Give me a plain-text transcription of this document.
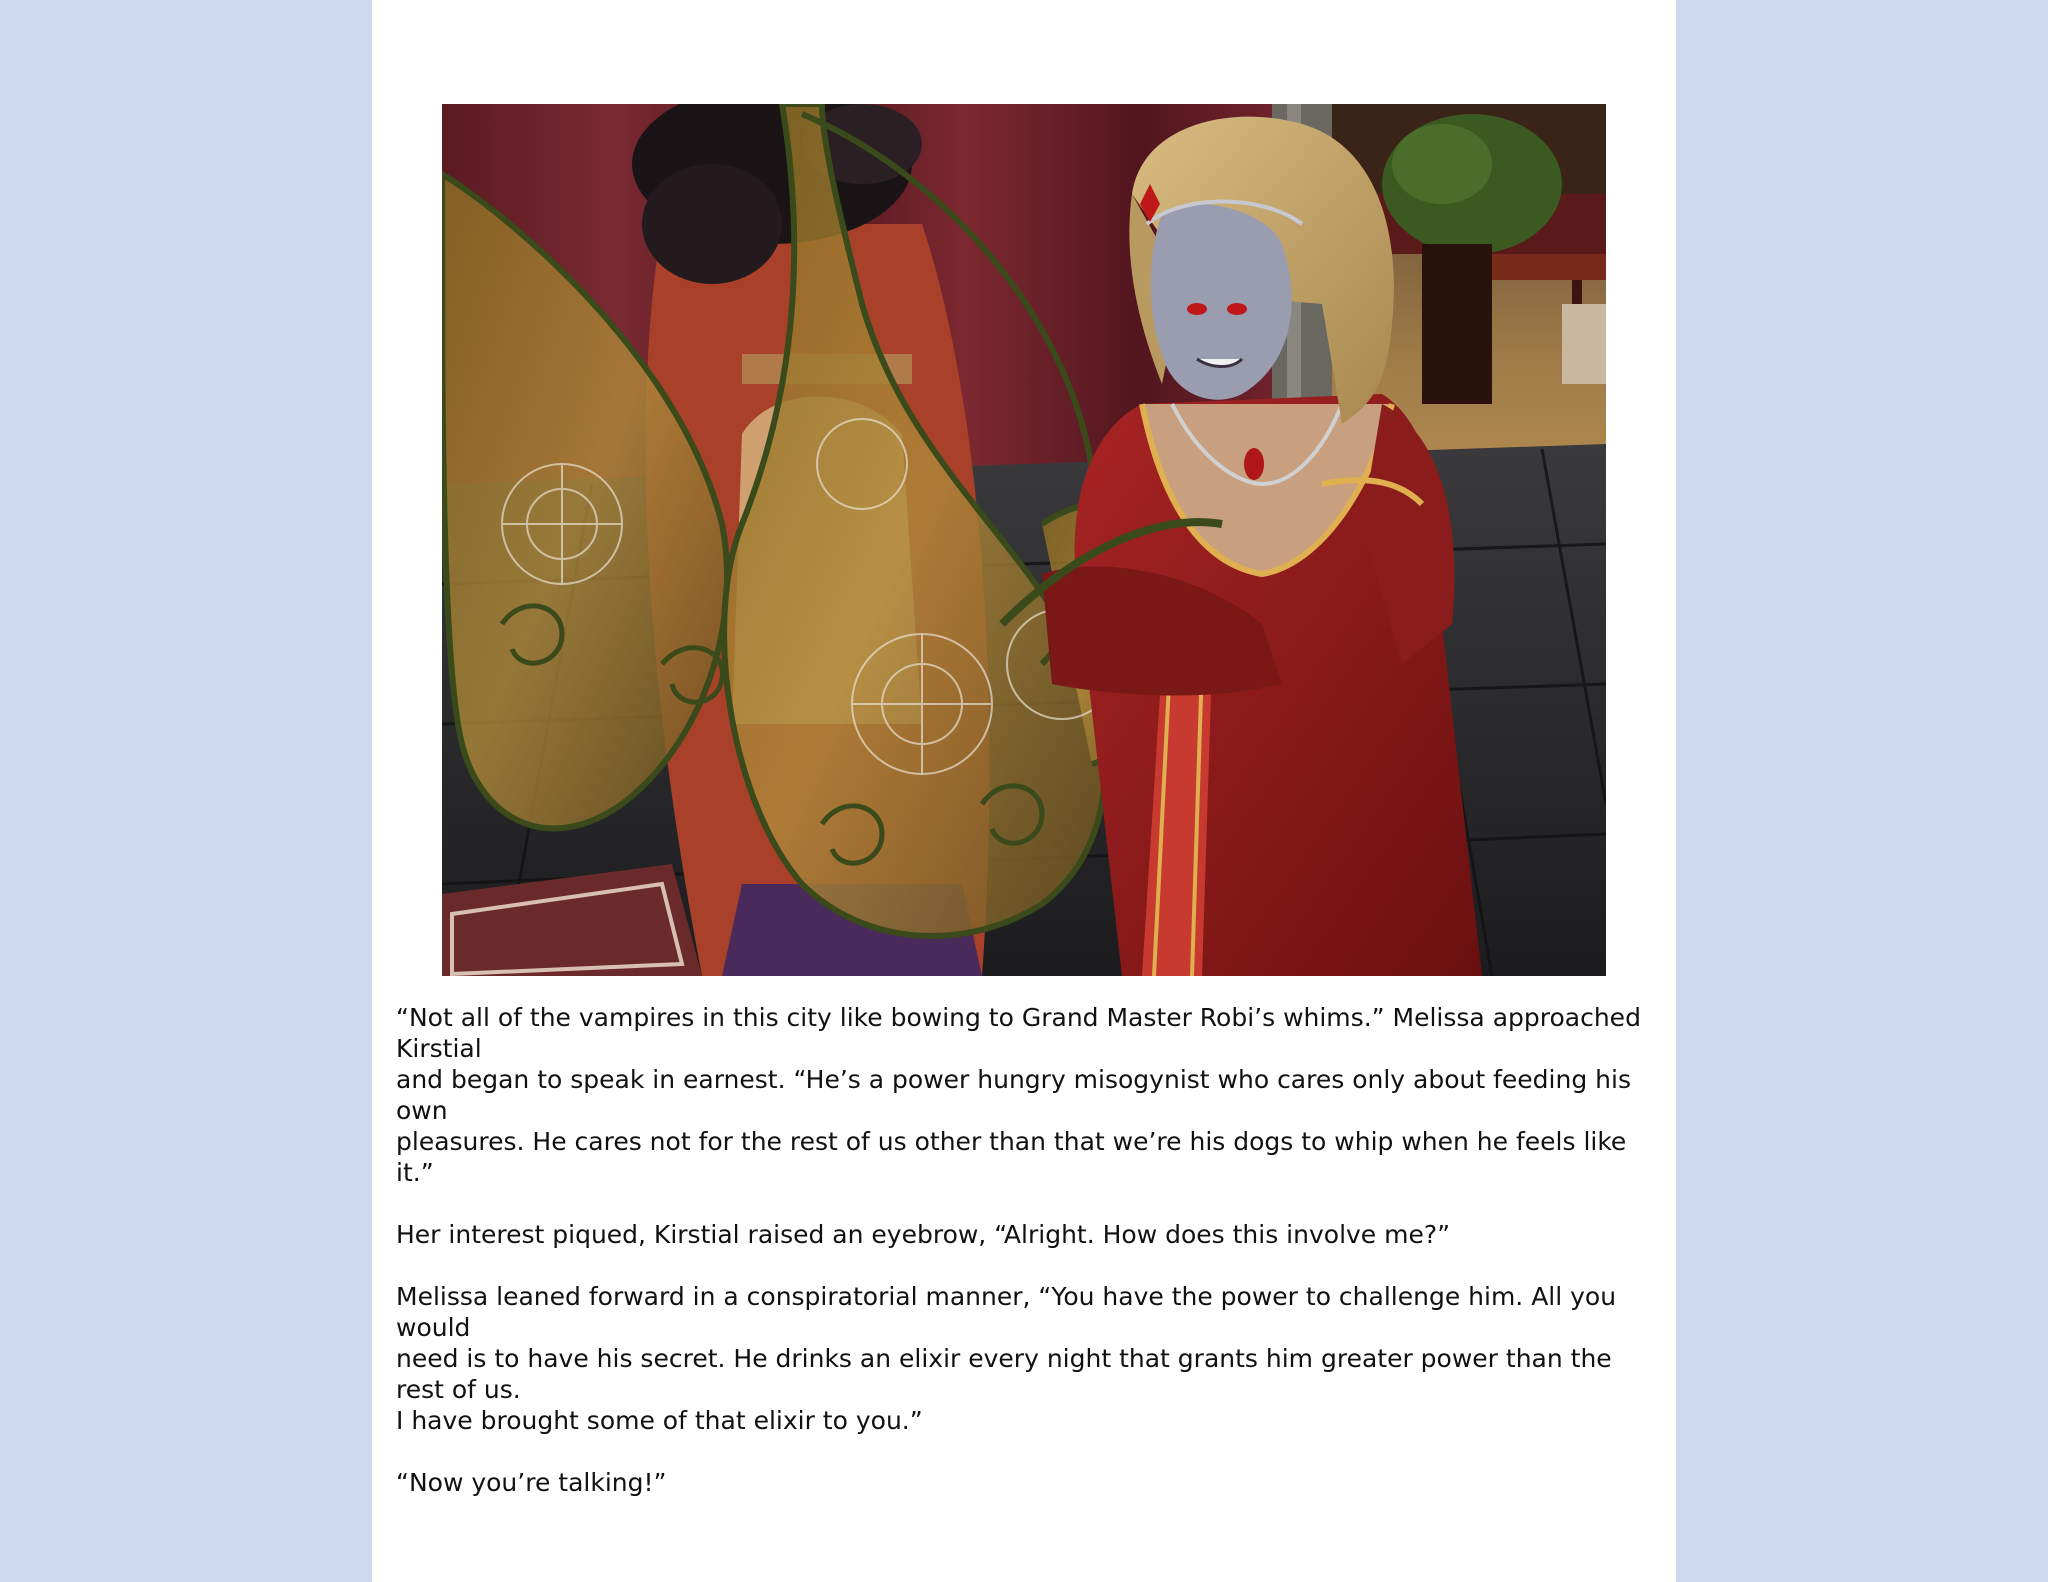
“Not all of the vampires in this city like bowing to Grand Master Robi’s whims.” Melissa approached Kirstial
and began to speak in earnest. “He’s a power hungry misogynist who cares only about feeding his own
pleasures. He cares not for the rest of us other than that we’re his dogs to whip when he feels like it.”

Her interest piqued, Kirstial raised an eyebrow, “Alright. How does this involve me?”

Melissa leaned forward in a conspiratorial manner, “You have the power to challenge him. All you would
need is to have his secret. He drinks an elixir every night that grants him greater power than the rest of us.
I have brought some of that elixir to you.”

“Now you’re talking!”
